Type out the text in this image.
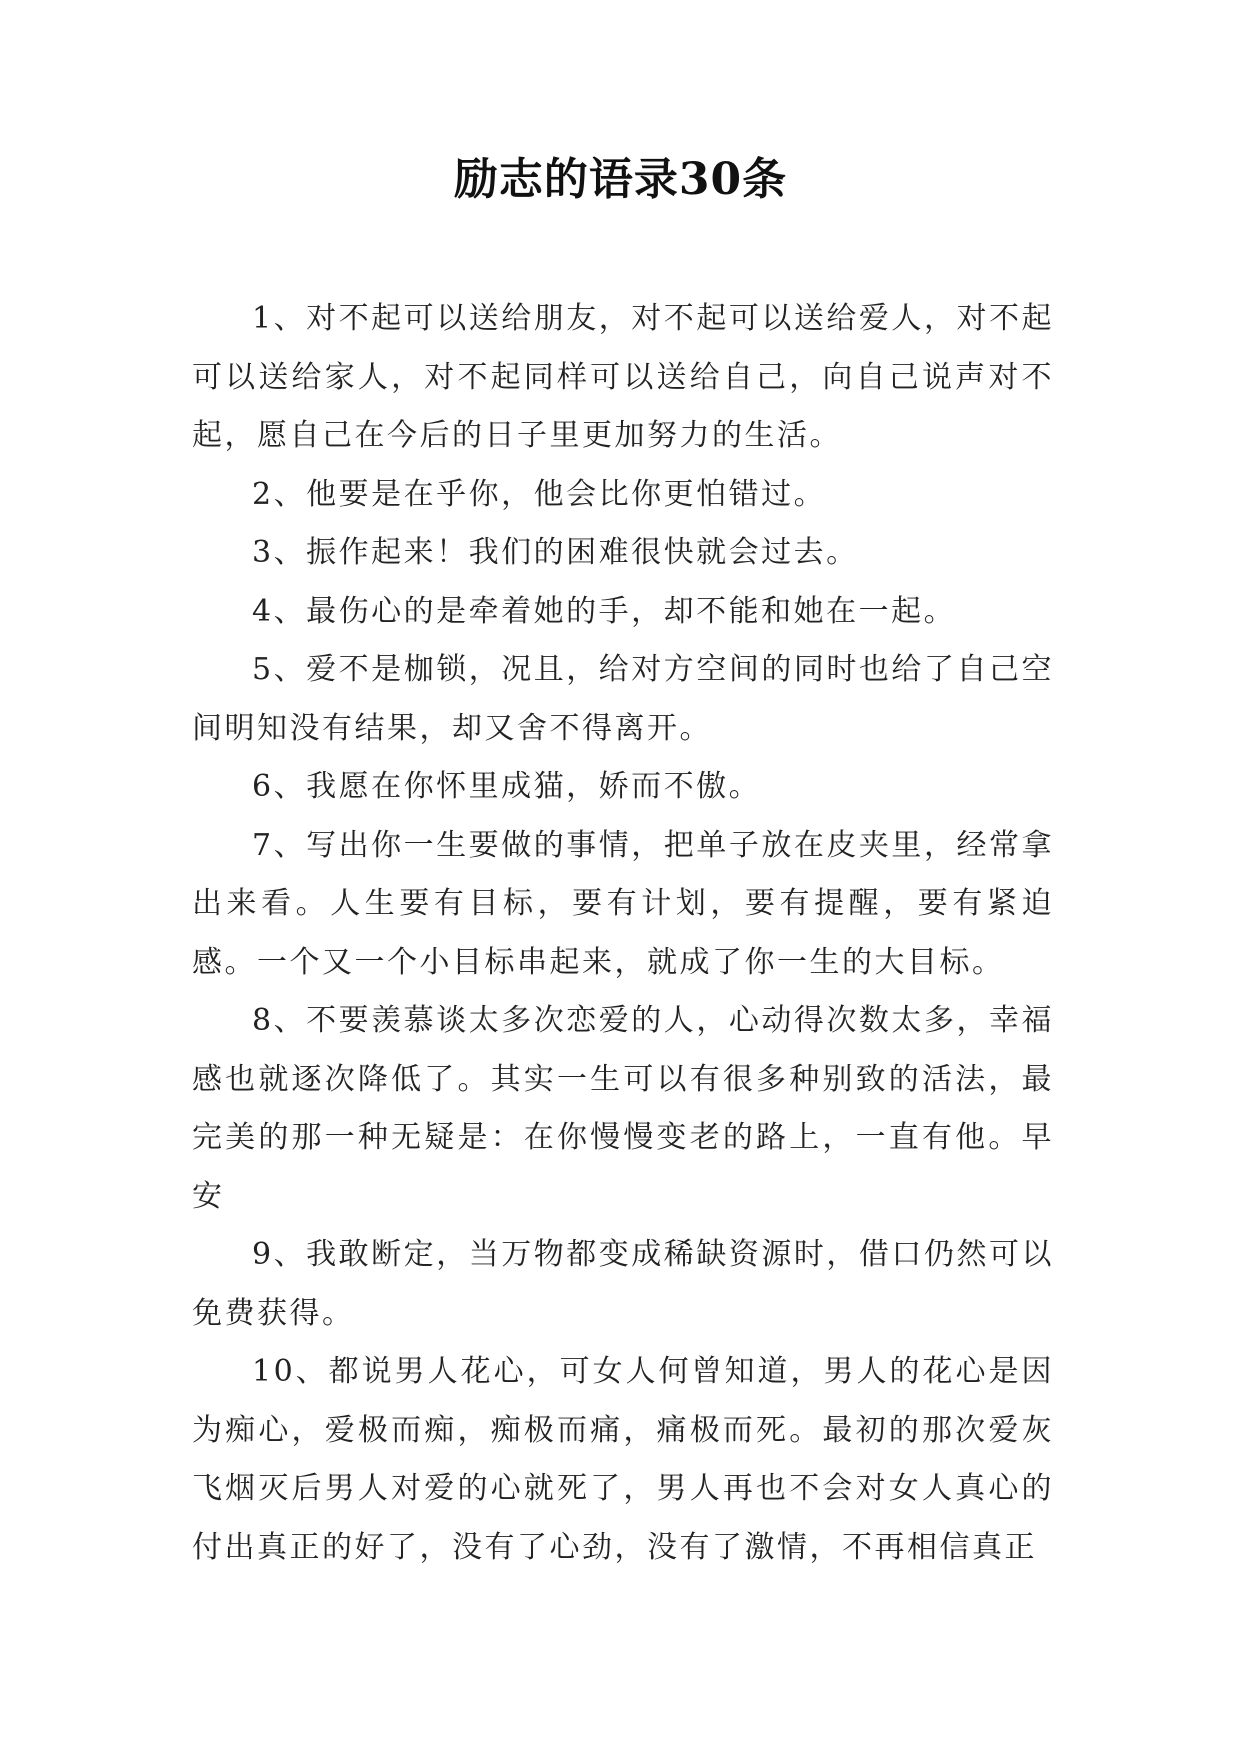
励志的语录30条

1、对不起可以送给朋友，对不起可以送给爱人，对不起可以送给家人，对不起同样可以送给自己，向自己说声对不起，愿自己在今后的日子里更加努力的生活。

2、他要是在乎你，他会比你更怕错过。

3、振作起来！我们的困难很快就会过去。

4、最伤心的是牵着她的手，却不能和她在一起。

5、爱不是枷锁，况且，给对方空间的同时也给了自己空间明知没有结果，却又舍不得离开。

6、我愿在你怀里成猫，娇而不傲。

7、写出你一生要做的事情，把单子放在皮夹里，经常拿出来看。人生要有目标，要有计划，要有提醒，要有紧迫感。一个又一个小目标串起来，就成了你一生的大目标。

8、不要羡慕谈太多次恋爱的人，心动得次数太多，幸福感也就逐次降低了。其实一生可以有很多种别致的活法，最完美的那一种无疑是：在你慢慢变老的路上，一直有他。早安

9、我敢断定，当万物都变成稀缺资源时，借口仍然可以免费获得。

10、都说男人花心，可女人何曾知道，男人的花心是因为痴心，爱极而痴，痴极而痛，痛极而死。最初的那次爱灰飞烟灭后男人对爱的心就死了，男人再也不会对女人真心的付出真正的好了，没有了心劲，没有了激情，不再相信真正
